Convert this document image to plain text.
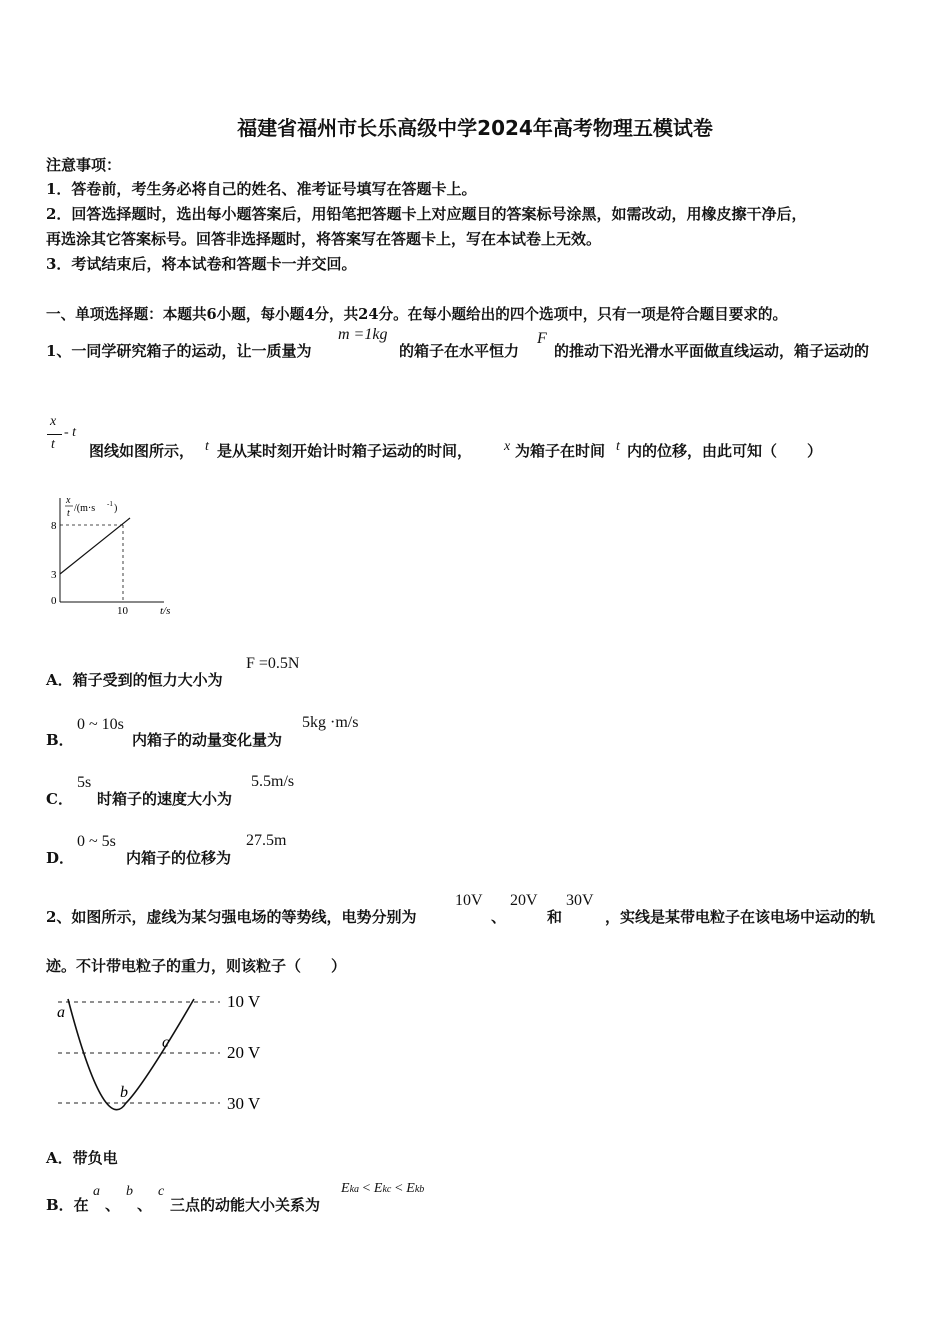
福建省福州市长乐高级中学2024年高考物理五模试卷
注意事项：
1．答卷前，考生务必将自己的姓名、准考证号填写在答题卡上。
2．回答选择题时，选出每小题答案后，用铅笔把答题卡上对应题目的答案标号涂黑，如需改动，用橡皮擦干净后，
再选涂其它答案标号。回答非选择题时，将答案写在答题卡上，写在本试卷上无效。
3．考试结束后，将本试卷和答题卡一并交回。
一、单项选择题：本题共6小题，每小题4分，共24分。在每小题给出的四个选项中，只有一项是符合题目要求的。
1、一同学研究箱子的运动，让一质量为
m =1kg
的箱子在水平恒力
F
的推动下沿光滑水平面做直线运动，箱子运动的
x
t
- t
图线如图所示， t 是从某时刻开始计时箱子运动的时间， x 为箱子在时间 t 内的位移，由此可知（　　）
x
t /(m·s -1 )
8
3
0
10	t/s
A．箱子受到的恒力大小为
F =0.5N
B．
0 ~ 10s
内箱子的动量变化量为
5kg ·m/s
C．
5s
时箱子的速度大小为
5.5m/s
D．
0 ~ 5s
内箱子的位移为
27.5m
2、如图所示，虚线为某匀强电场的等势线，电势分别为
10V
、
20V
和
30V
，实线是某带电粒子在该电场中运动的轨
迹。不计带电粒子的重力，则该粒子（　　）
10 V
20 V
30 V
a
b
c
A．带负电
B．在
a
、
b
、
c
三点的动能大小关系为
Eka < Ekc < Ekb
